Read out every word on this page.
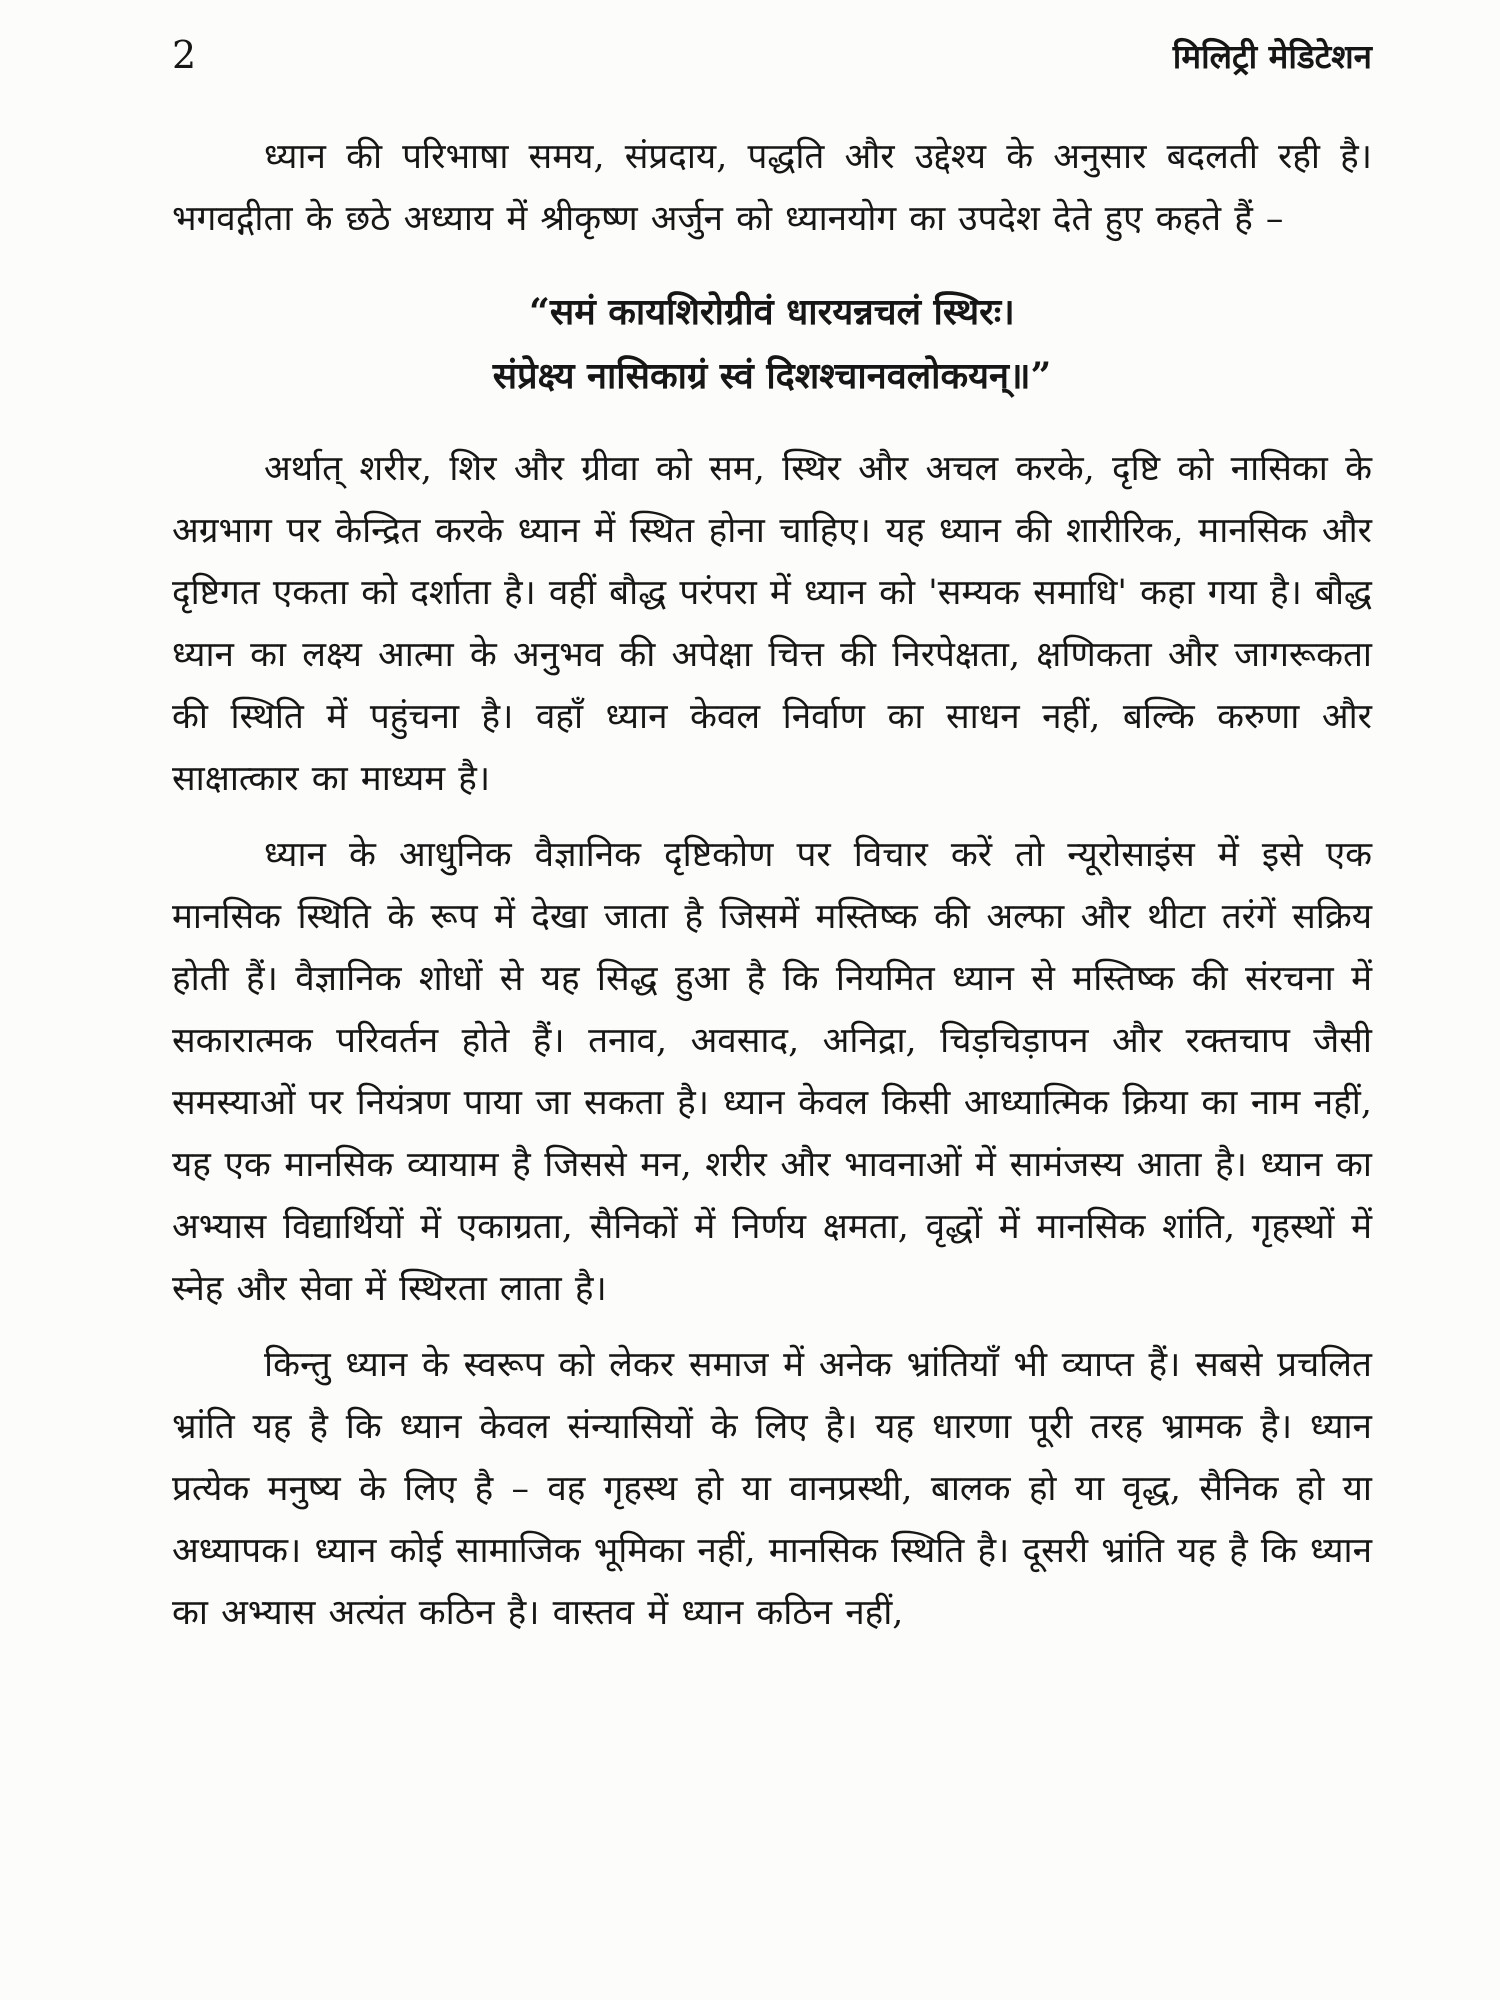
2	मिलिट्री मेडिटेशन

ध्यान की परिभाषा समय, संप्रदाय, पद्धति और उद्देश्य के अनुसार बदलती रही है। भगवद्गीता के छठे अध्याय में श्रीकृष्ण अर्जुन को ध्यानयोग का उपदेश देते हुए कहते हैं –

“समं कायशिरोग्रीवं धारयन्नचलं स्थिरः।
संप्रेक्ष्य नासिकाग्रं स्वं दिशश्चानवलोकयन्॥”

अर्थात् शरीर, शिर और ग्रीवा को सम, स्थिर और अचल करके, दृष्टि को नासिका के अग्रभाग पर केन्द्रित करके ध्यान में स्थित होना चाहिए। यह ध्यान की शारीरिक, मानसिक और दृष्टिगत एकता को दर्शाता है। वहीं बौद्ध परंपरा में ध्यान को 'सम्यक समाधि' कहा गया है। बौद्ध ध्यान का लक्ष्य आत्मा के अनुभव की अपेक्षा चित्त की निरपेक्षता, क्षणिकता और जागरूकता की स्थिति में पहुंचना है। वहाँ ध्यान केवल निर्वाण का साधन नहीं, बल्कि करुणा और साक्षात्कार का माध्यम है।

ध्यान के आधुनिक वैज्ञानिक दृष्टिकोण पर विचार करें तो न्यूरोसाइंस में इसे एक मानसिक स्थिति के रूप में देखा जाता है जिसमें मस्तिष्क की अल्फा और थीटा तरंगें सक्रिय होती हैं। वैज्ञानिक शोधों से यह सिद्ध हुआ है कि नियमित ध्यान से मस्तिष्क की संरचना में सकारात्मक परिवर्तन होते हैं। तनाव, अवसाद, अनिद्रा, चिड़चिड़ापन और रक्तचाप जैसी समस्याओं पर नियंत्रण पाया जा सकता है। ध्यान केवल किसी आध्यात्मिक क्रिया का नाम नहीं, यह एक मानसिक व्यायाम है जिससे मन, शरीर और भावनाओं में सामंजस्य आता है। ध्यान का अभ्यास विद्यार्थियों में एकाग्रता, सैनिकों में निर्णय क्षमता, वृद्धों में मानसिक शांति, गृहस्थों में स्नेह और सेवा में स्थिरता लाता है।

किन्तु ध्यान के स्वरूप को लेकर समाज में अनेक भ्रांतियाँ भी व्याप्त हैं। सबसे प्रचलित भ्रांति यह है कि ध्यान केवल संन्यासियों के लिए है। यह धारणा पूरी तरह भ्रामक है। ध्यान प्रत्येक मनुष्य के लिए है – वह गृहस्थ हो या वानप्रस्थी, बालक हो या वृद्ध, सैनिक हो या अध्यापक। ध्यान कोई सामाजिक भूमिका नहीं, मानसिक स्थिति है। दूसरी भ्रांति यह है कि ध्यान का अभ्यास अत्यंत कठिन है। वास्तव में ध्यान कठिन नहीं,
